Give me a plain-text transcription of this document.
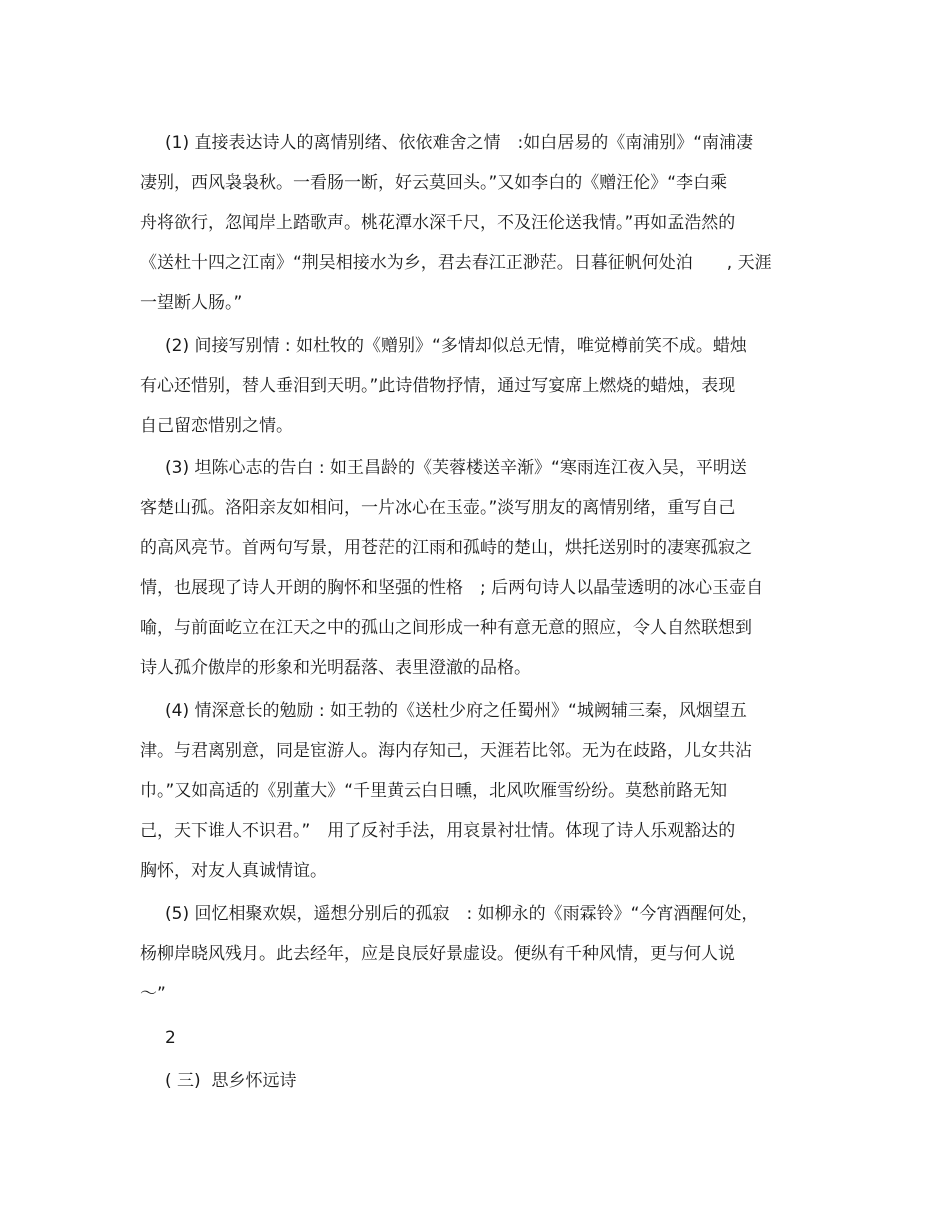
(1) 直接表达诗人的离情别绪、依依难舍之情　:如白居易的《南浦别》“南浦凄
凄别，西风袅袅秋。一看肠一断，好云莫回头。”又如李白的《赠汪伦》“李白乘
舟将欲行，忽闻岸上踏歌声。桃花潭水深千尺，不及汪伦送我情。”再如孟浩然的
《送杜十四之江南》“荆吴相接水为乡，君去春江正渺茫。日暮征帆何处泊　　, 天涯
一望断人肠。”
(2) 间接写别情 : 如杜牧的《赠别》“多情却似总无情，唯觉樽前笑不成。蜡烛
有心还惜别，替人垂泪到天明。”此诗借物抒情，通过写宴席上燃烧的蜡烛，表现
自己留恋惜别之情。
(3) 坦陈心志的告白 : 如王昌龄的《芙蓉楼送辛渐》“寒雨连江夜入吴，平明送
客楚山孤。洛阳亲友如相问，一片冰心在玉壶。”淡写朋友的离情别绪，重写自己
的高风亮节。首两句写景，用苍茫的江雨和孤峙的楚山，烘托送别时的凄寒孤寂之
情，也展现了诗人开朗的胸怀和坚强的性格　; 后两句诗人以晶莹透明的冰心玉壶自
喻，与前面屹立在江天之中的孤山之间形成一种有意无意的照应，令人自然联想到
诗人孤介傲岸的形象和光明磊落、表里澄澈的品格。
(4) 情深意长的勉励 : 如王勃的《送杜少府之任蜀州》“城阙辅三秦，风烟望五
津。与君离别意，同是宦游人。海内存知己，天涯若比邻。无为在歧路，儿女共沾
巾。”又如高适的《别董大》“千里黄云白日曛，北风吹雁雪纷纷。莫愁前路无知
己，天下谁人不识君。”　用了反衬手法，用哀景衬壮情。体现了诗人乐观豁达的
胸怀，对友人真诚情谊。
(5) 回忆相聚欢娱，遥想分别后的孤寂　: 如柳永的《雨霖铃》“今宵酒醒何处，
杨柳岸晓风残月。此去经年，应是良辰好景虚设。便纵有千种风情，更与何人说
～”
2
( 三)  思乡怀远诗
